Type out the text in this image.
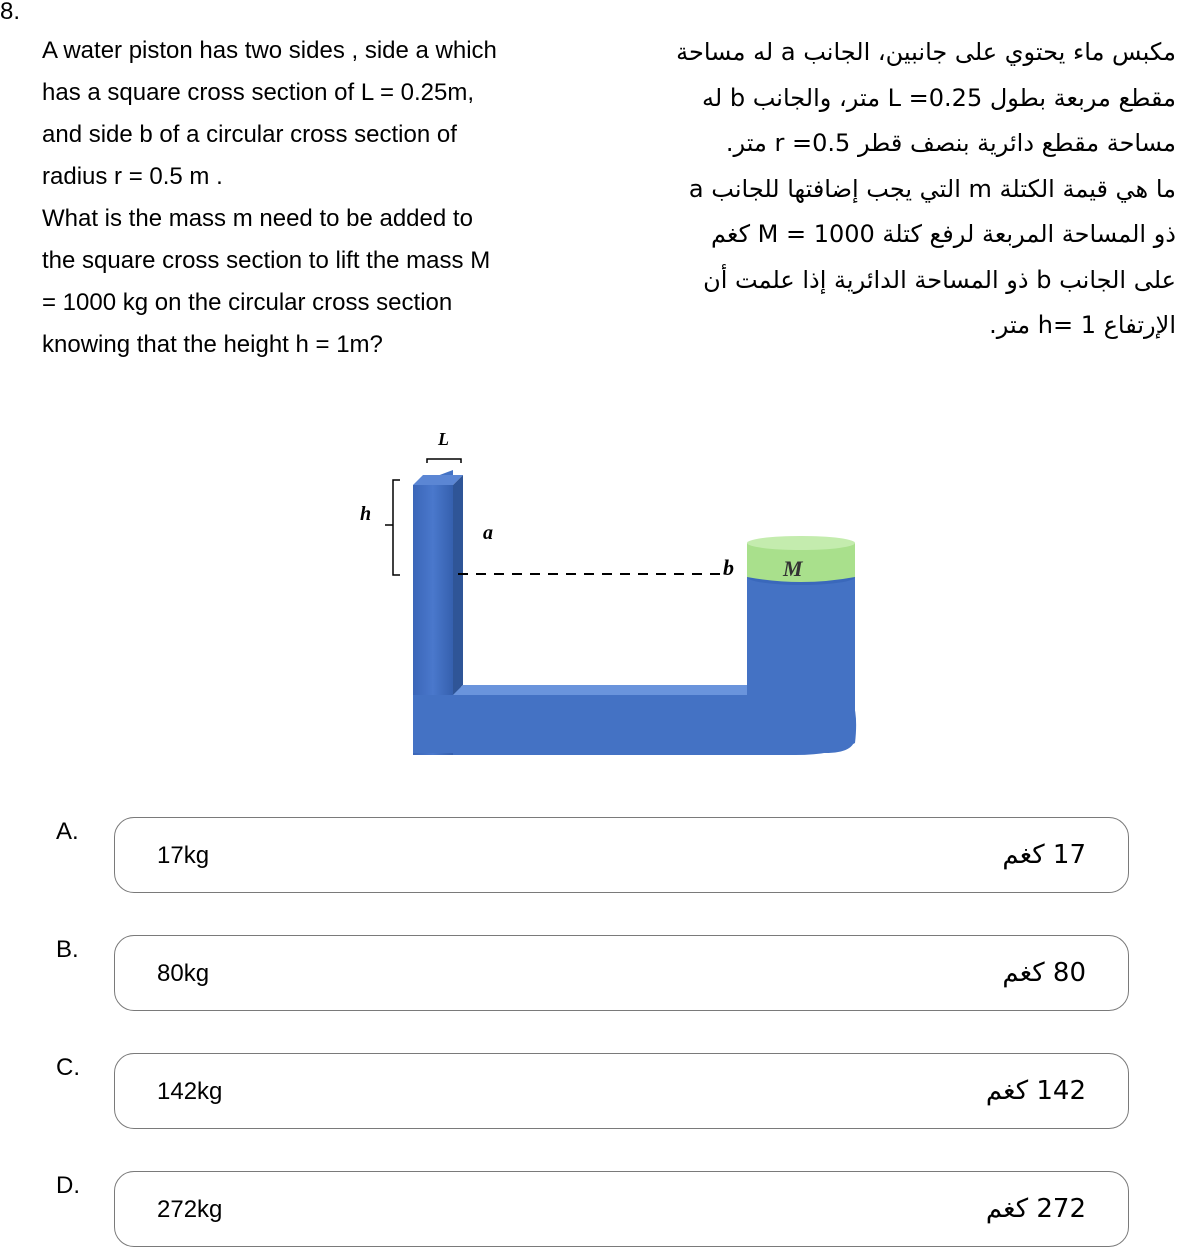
8.
A water piston has two sides , side a which
has a square cross section of L = 0.25m,
and side b of a circular cross section of
radius r = 0.5 m .
What is the mass m need to be added to
the square cross section to lift the mass M
= 1000 kg on the circular cross section
knowing that the height h = 1m?
مكبس ماء يحتوي على جانبين، الجانب a له مساحة
مقطع مربعة بطول L =0.25 متر، والجانب b له
مساحة مقطع دائرية بنصف قطر r =0.5 متر.
ما هي قيمة الكتلة m التي يجب إضافتها للجانب a
ذو المساحة المربعة لرفع كتلة M = 1000 كغم
على الجانب b ذو المساحة الدائرية إذا علمت أن
الإرتفاع h= 1 متر.
M
a
b
L
h
A.
17kg	17 كغم
B.
80kg	80 كغم
C.
142kg	142 كغم
D.
272kg	272 كغم
